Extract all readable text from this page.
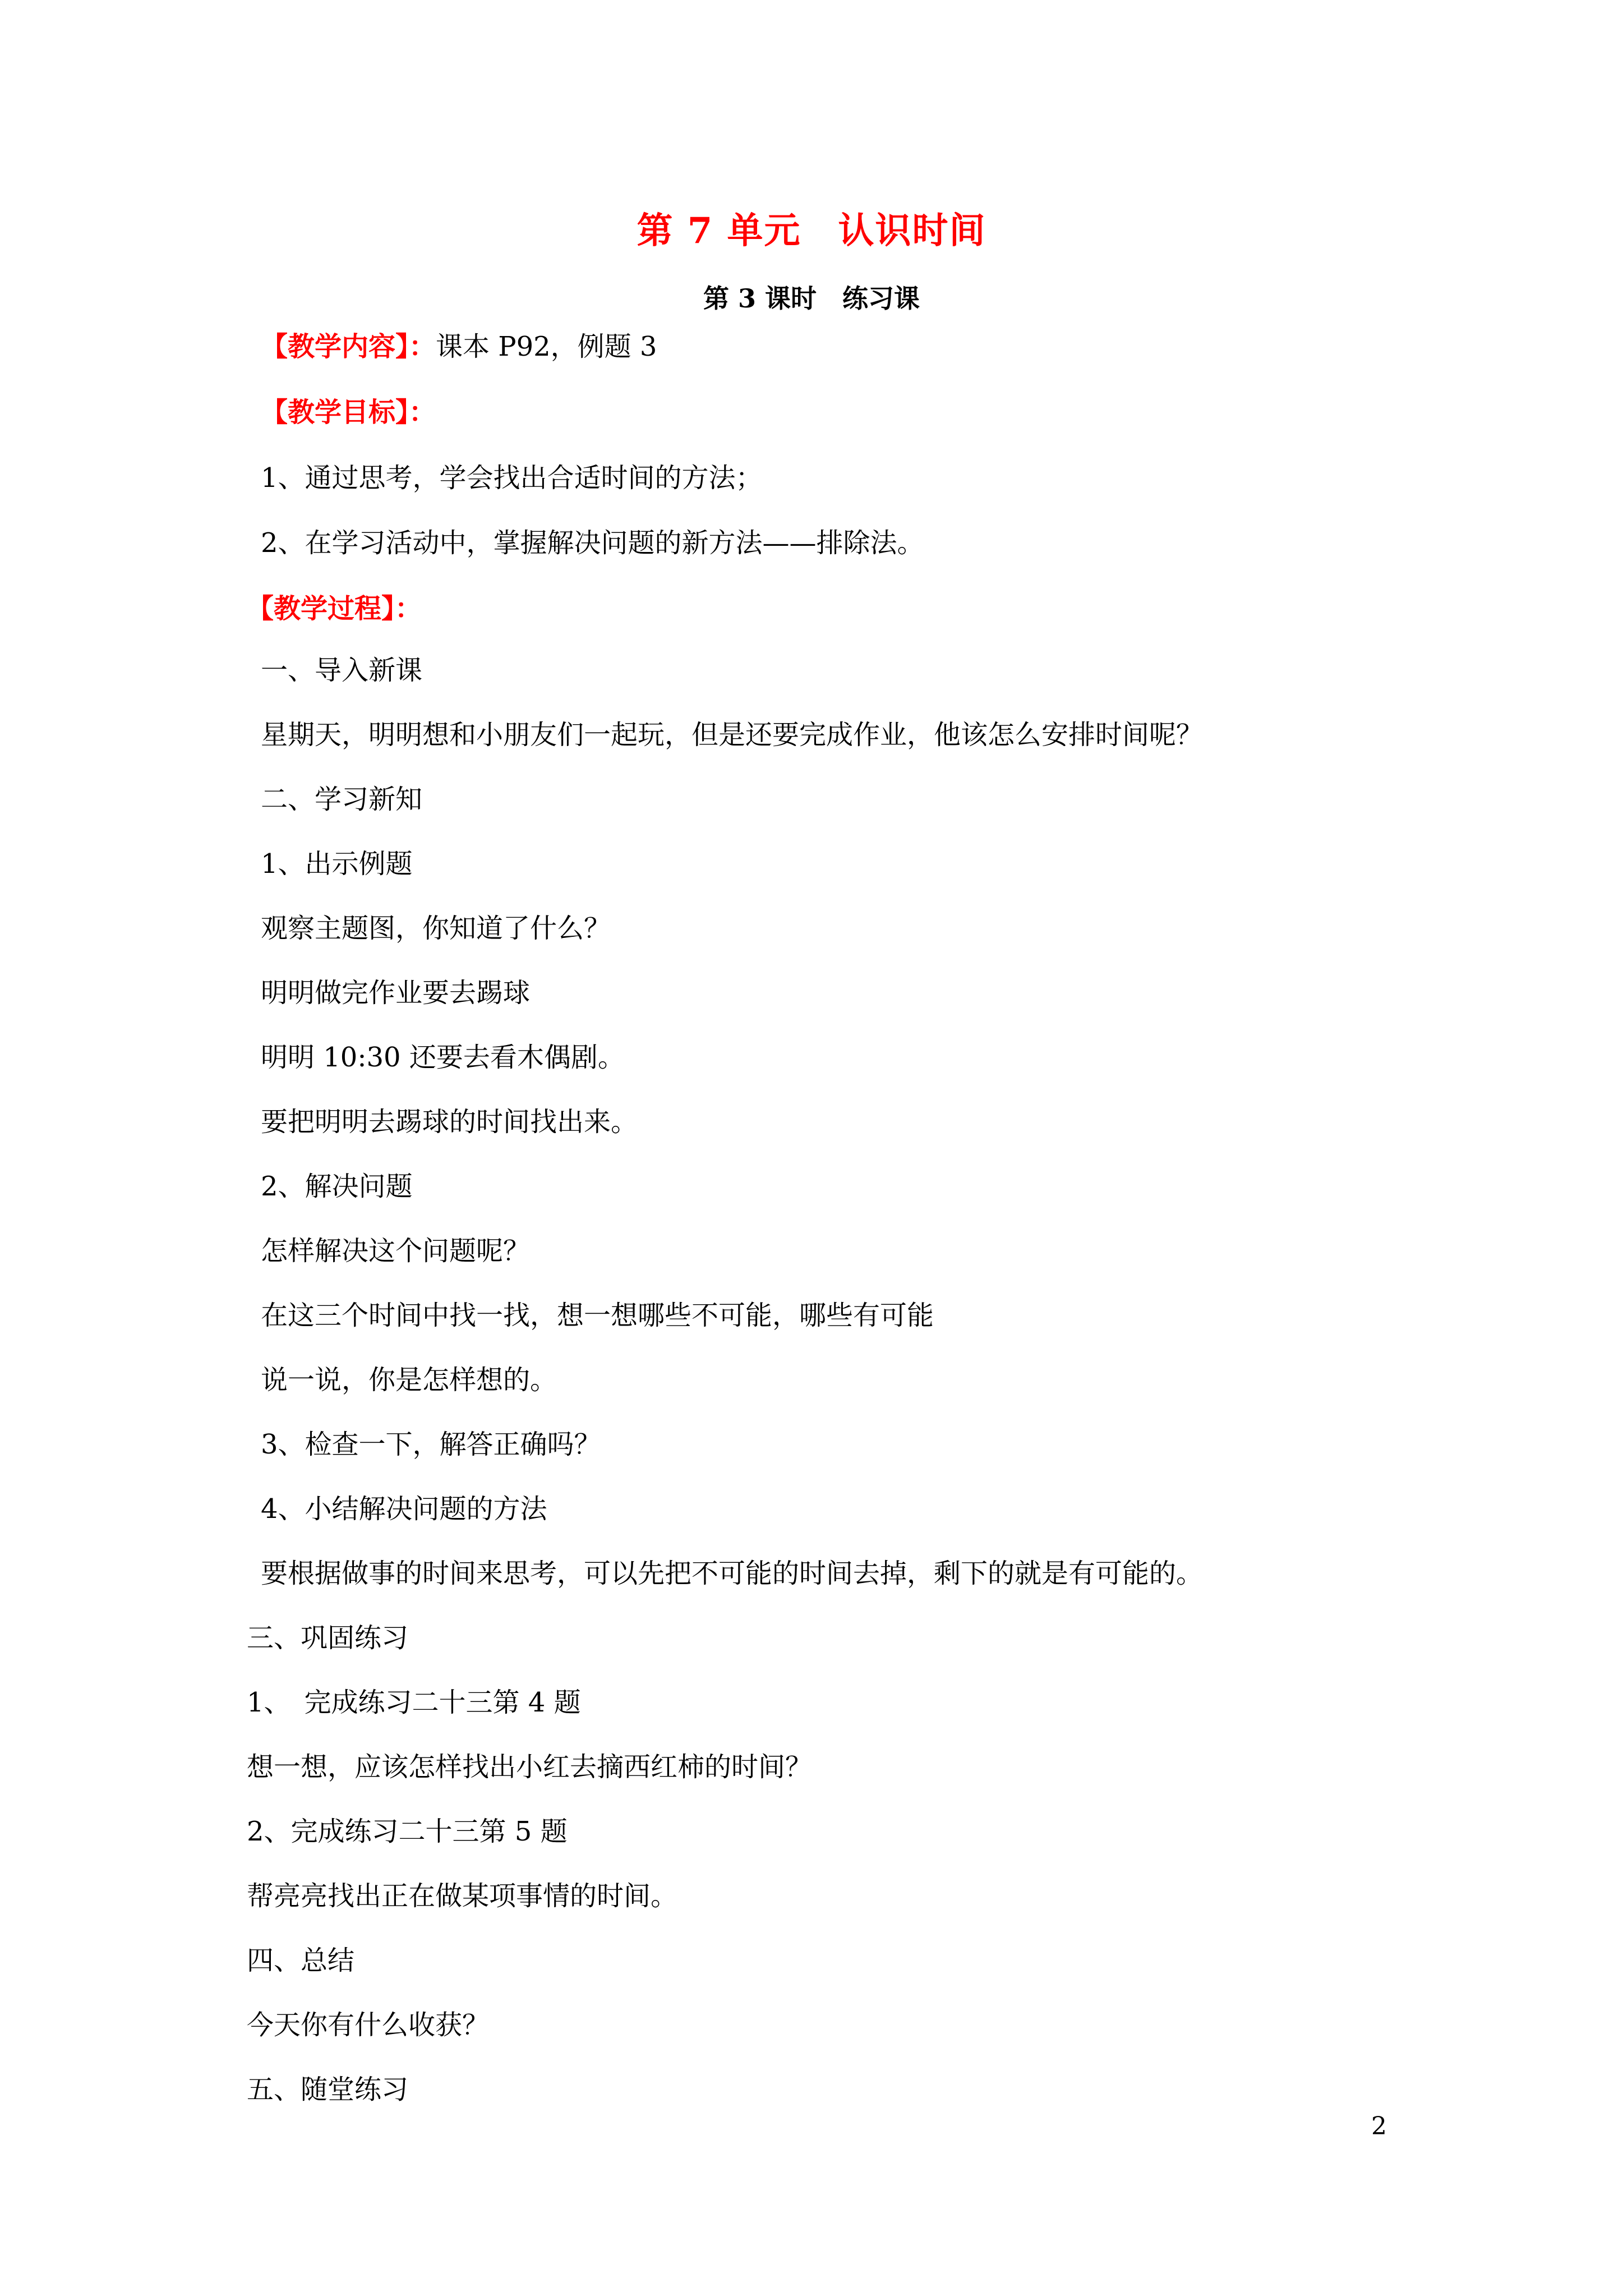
第 7 单元　认识时间
第 3 课时　练习课
【教学内容】：课本 P92，例题 3
【教学目标】：
1、通过思考，学会找出合适时间的方法；
2、在学习活动中，掌握解决问题的新方法——排除法。
【教学过程】：
一、导入新课
星期天，明明想和小朋友们一起玩，但是还要完成作业，他该怎么安排时间呢？
二、学习新知
1、出示例题
观察主题图，你知道了什么？
明明做完作业要去踢球
明明 10:30 还要去看木偶剧。
要把明明去踢球的时间找出来。
2、解决问题
怎样解决这个问题呢？
在这三个时间中找一找，想一想哪些不可能，哪些有可能
说一说，你是怎样想的。
3、检查一下，解答正确吗？
4、小结解决问题的方法
要根据做事的时间来思考，可以先把不可能的时间去掉，剩下的就是有可能的。
三、巩固练习
1、　完成练习二十三第 4 题
想一想，应该怎样找出小红去摘西红柿的时间？
2、完成练习二十三第 5 题
帮亮亮找出正在做某项事情的时间。
四、总结
今天你有什么收获？
五、随堂练习
2
